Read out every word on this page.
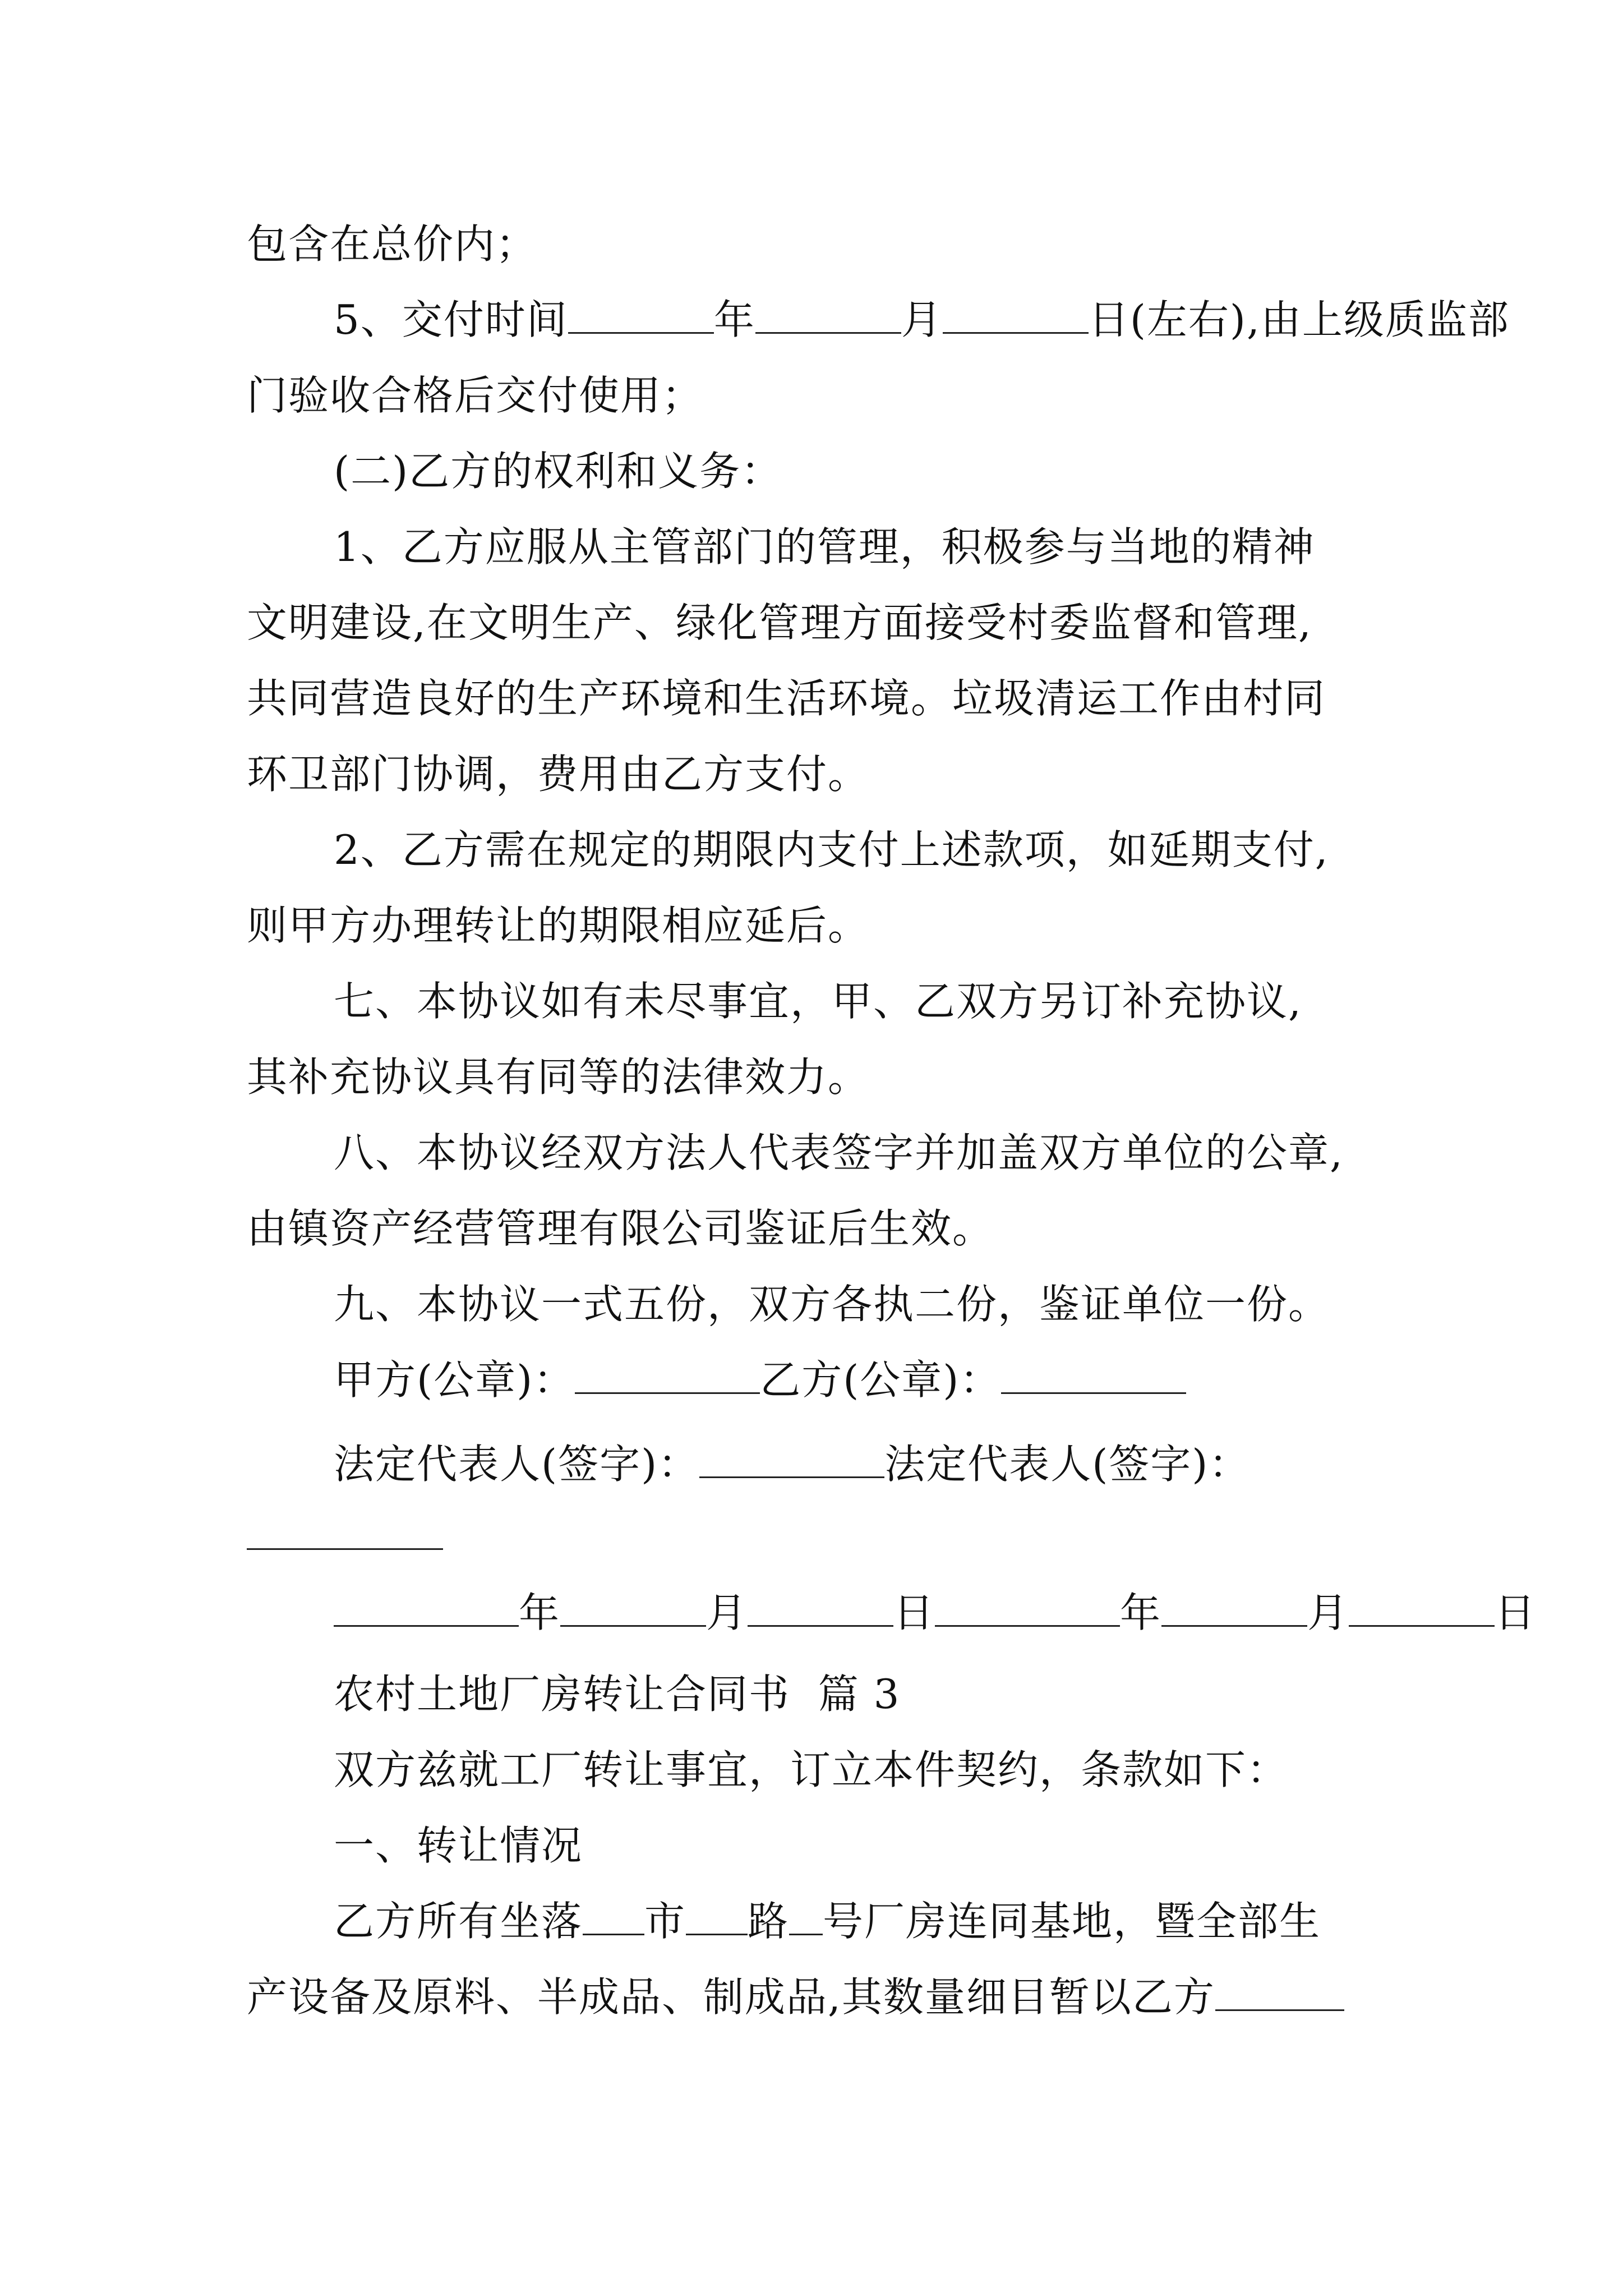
包含在总价内；
5、交付时间	年	月	日(左右),由上级质监部
门验收合格后交付使用；
(二)乙方的权利和义务：
1、乙方应服从主管部门的管理，积极参与当地的精神
文明建设,在文明生产、绿化管理方面接受村委监督和管理,
共同营造良好的生产环境和生活环境。垃圾清运工作由村同
环卫部门协调，费用由乙方支付。
2、乙方需在规定的期限内支付上述款项，如延期支付,
则甲方办理转让的期限相应延后。
七、本协议如有未尽事宜，甲、乙双方另订补充协议,
其补充协议具有同等的法律效力。
八、本协议经双方法人代表签字并加盖双方单位的公章,
由镇资产经营管理有限公司鉴证后生效。
九、本协议一式五份，双方各执二份，鉴证单位一份。
甲方(公章)：	乙方(公章)：
法定代表人(签字)：	法定代表人(签字)：
年	月	日	年	月	日
农村土地厂房转让合同书  篇 3
双方兹就工厂转让事宜，订立本件契约，条款如下：
一、转让情况
乙方所有坐落 市 路 号厂房连同基地，暨全部生
产设备及原料、半成品、制成品,其数量细目暂以乙方
